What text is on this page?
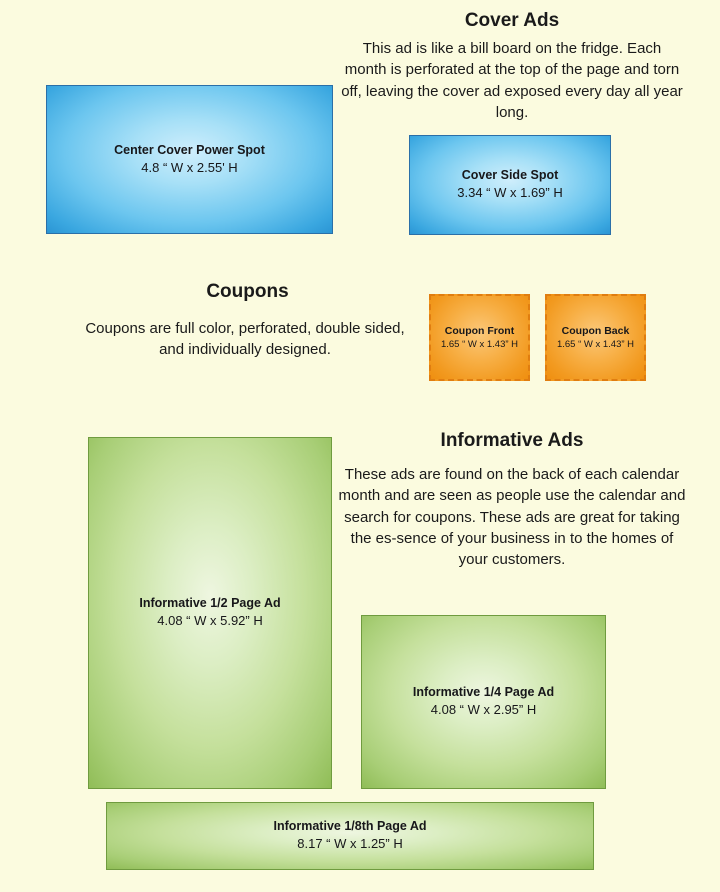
Cover Ads
This ad is like a bill board on the fridge. Each month is perforated at the top of the page and torn off, leaving the cover ad exposed every day all year long.
Center Cover Power Spot
4.8 “ W x 2.55' H
Cover Side Spot
3.34 “ W x 1.69” H
Coupons
Coupons are full color, perforated, double sided, and individually designed.
Coupon Front
1.65 “ W x 1.43” H
Coupon Back
1.65 “ W x 1.43” H
Informative Ads
These ads are found on the back of each calendar month and are seen as people use the calendar and search for coupons. These ads are great for taking the es-sence of your business in to the homes of your customers.
Informative 1/2 Page Ad
4.08 “ W x 5.92” H
Informative 1/4 Page Ad
4.08 “ W x 2.95” H
Informative 1/8th Page Ad
8.17 “ W x 1.25” H
